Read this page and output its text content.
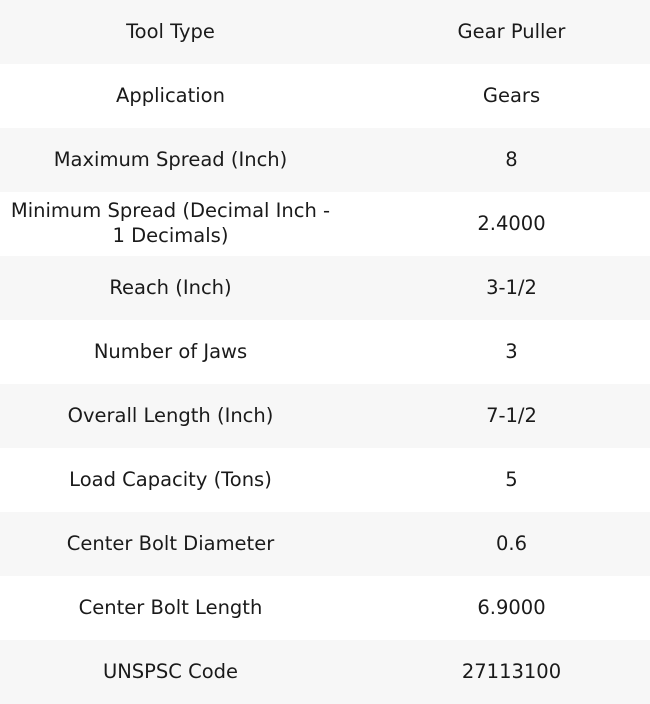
Tool Type	Gear Puller
Application	Gears
Maximum Spread (Inch)	8
Minimum Spread (Decimal Inch - 1 Decimals)	2.4000
Reach (Inch)	3-1/2
Number of Jaws	3
Overall Length (Inch)	7-1/2
Load Capacity (Tons)	5
Center Bolt Diameter	0.6
Center Bolt Length	6.9000
UNSPSC Code	27113100
